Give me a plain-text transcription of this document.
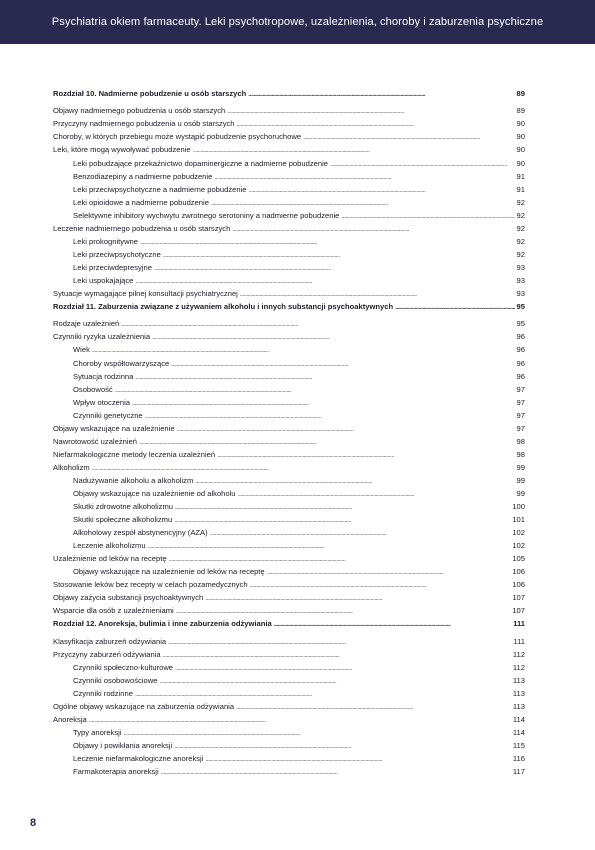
Psychiatria okiem farmaceuty. Leki psychotropowe, uzależnienia, choroby i zaburzenia psychiczne
Rozdział 10. Nadmierne pobudzenie u osób starszych . . .	89
Objawy nadmiernego pobudzenia u osób starszych . . .	89
Przyczyny nadmiernego pobudzenia u osób starszych . . .	90
Choroby, w których przebiegu może wystąpić pobudzenie psychoruchowe . . .	90
Leki, które mogą wywoływać pobudzenie . . .	90
Leki pobudzające przekaźnictwo dopaminergiczne a nadmierne pobudzenie . . .	90
Benzodiazepiny a nadmierne pobudzenie . . .	91
Leki przeciwpsychotyczne a nadmierne pobudzenie . . .	91
Leki opioidowe a nadmierne pobudzenie . . .	92
Selektywne inhibitory wychwytu zwrotnego serotoniny a nadmierne pobudzenie . . .	92
Leczenie nadmiernego pobudzenia u osób starszych . . .	92
Leki prokognitywne . . .	92
Leki przeciwpsychotyczne . . .	92
Leki przeciwdepresyjne . . .	93
Leki uspokajające . . .	93
Sytuacje wymagające pilnej konsultacji psychiatrycznej . . .	93
Rozdział 11. Zaburzenia związane z używaniem alkoholu i innych substancji psychoaktywnych . . .	95
Rodzaje uzależnień . . .	95
Czynniki ryzyka uzależnienia . . .	96
Wiek . . .	96
Choroby współtowarzyszące . . .	96
Sytuacja rodzinna . . .	96
Osobowość . . .	97
Wpływ otoczenia . . .	97
Czynniki genetyczne . . .	97
Objawy wskazujące na uzależnienie . . .	97
Nawrotowość uzależnień . . .	98
Niefarmakologiczne metody leczenia uzależnień . . .	98
Alkoholizm . . .	99
Nadużywanie alkoholu a alkoholizm . . .	99
Objawy wskazujące na uzależnienie od alkoholu . . .	99
Skutki zdrowotne alkoholizmu . . .	100
Skutki społeczne alkoholizmu . . .	101
Alkoholowy zespół abstynencyjny (AZA) . . .	102
Leczenie alkoholizmu . . .	102
Uzależnienie od leków na receptę . . .	105
Objawy wskazujące na uzależnienie od leków na receptę . . .	106
Stosowanie leków bez recepty w celach pozamedycznych . . .	106
Objawy zażycia substancji psychoaktywnych . . .	107
Wsparcie dla osób z uzależnieniami . . .	107
Rozdział 12. Anoreksja, bulimia i inne zaburzenia odżywiania . . .	111
Klasyfikacja zaburzeń odżywiania . . .	111
Przyczyny zaburzeń odżywiania . . .	112
Czynniki społeczno-kulturowe . . .	112
Czynniki osobowościowe . . .	113
Czynniki rodzinne . . .	113
Ogólne objawy wskazujące na zaburzenia odżywiania . . .	113
Anoreksja . . .	114
Typy anoreksji . . .	114
Objawy i powikłania anoreksji . . .	115
Leczenie niefarmakologiczne anoreksji . . .	116
Farmakoterapia anoreksji . . .	117
8
